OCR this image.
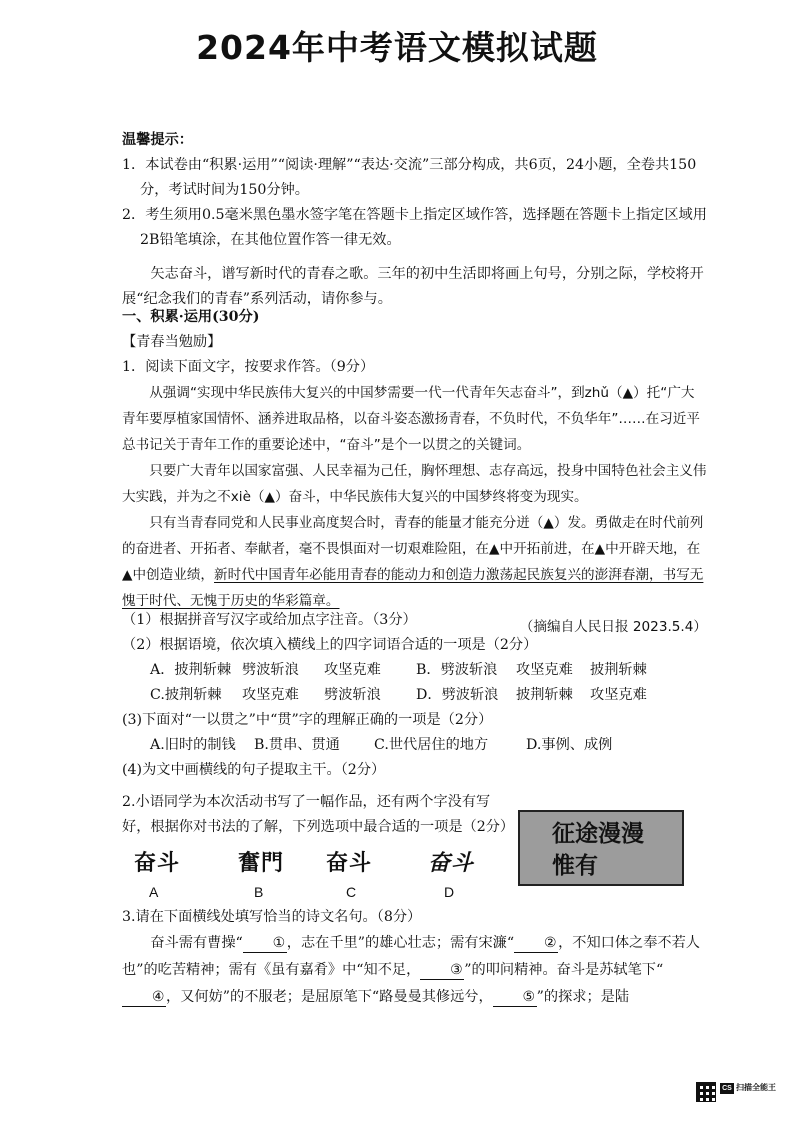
2024年中考语文模拟试题
温馨提示：
1．本试卷由“积累·运用”“阅读·理解”“表达·交流”三部分构成，共6页，24小题，全卷共150分，考试时间为150分钟。
2．考生须用0.5毫米黑色墨水签字笔在答题卡上指定区域作答，选择题在答题卡上指定区域用2B铅笔填涂，在其他位置作答一律无效。
矢志奋斗，谱写新时代的青春之歌。三年的初中生活即将画上句号，分别之际，学校将开展“纪念我们的青春”系列活动，请你参与。
一、积累·运用(30分)
【青春当勉励】
1．阅读下面文字，按要求作答。（9分）
从强调“实现中华民族伟大复兴的中国梦需要一代一代青年矢志奋斗”，到zhǔ（▲）托“广大青年要厚植家国情怀、涵养进取品格，以奋斗姿态激扬青春，不负时代，不负华年”……在习近平总书记关于青年工作的重要论述中，“奋斗”是个一以贯之的关键词。
只要广大青年以国家富强、人民幸福为己任，胸怀理想、志存高远，投身中国特色社会主义伟大实践，并为之不xiè（▲）奋斗，中华民族伟大复兴的中国梦终将变为现实。
只有当青春同党和人民事业高度契合时，青春的能量才能充分迸（▲）发。勇做走在时代前列的奋进者、开拓者、奉献者，毫不畏惧面对一切艰难险阻，在▲中开拓前进，在▲中开辟天地，在▲中创造业绩，新时代中国青年必能用青春的能动力和创造力激荡起民族复兴的澎湃春潮，书写无愧于时代、无愧于历史的华彩篇章。
（摘编自人民日报 2023.5.4）
（1）根据拼音写汉字或给加点字注音。（3分）
（2）根据语境，依次填入横线上的四字词语合适的一项是（2分）
A．披荆斩棘 劈波斩浪	攻坚克难	B．劈波斩浪	攻坚克难	披荆斩棘
C.披荆斩棘	攻坚克难	劈波斩浪	D．劈波斩浪	披荆斩棘	攻坚克难
(3)下面对“一以贯之”中“贯”字的理解正确的一项是（2分）
A.旧时的制钱	B.贯串、贯通	C.世代居住的地方	D.事例、成例
(4)为文中画横线的句子提取主干。（2分）
2.小语同学为本次活动书写了一幅作品，还有两个字没有写好，根据你对书法的了解，下列选项中最合适的一项是（2分） 征途漫漫
惟有
奋斗	奮門 奋斗	奋斗
A	B	C	D
3.请在下面横线处填写恰当的诗文名句。（8分）
奋斗需有曹操“ ①，志在千里”的雄心壮志；需有宋濂“ ②，不知口体之奉不若人也”的吃苦精神；需有《虽有嘉肴》中“知不足， ③”的叩问精神。奋斗是苏轼笔下“④，又何妨”的不服老；是屈原笔下“路曼曼其修远兮， ⑤”的探求；是陆
CS 扫描全能王
